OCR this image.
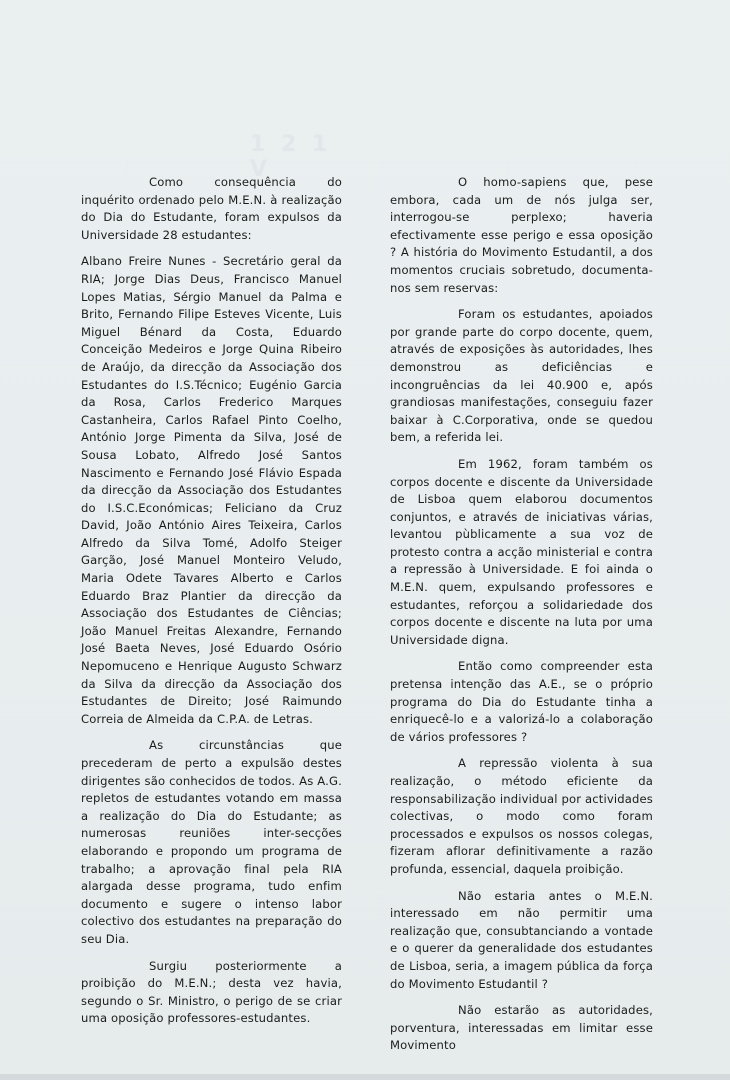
1 2 1 V

Como consequência do inquérito ordenado pelo M.E.N. à realização do Dia do Estudante, foram expulsos da Universidade 28 estudantes:

Albano Freire Nunes - Secretário geral da RIA; Jorge Dias Deus, Francisco Manuel Lopes Matias, Sérgio Manuel da Palma e Brito, Fernando Filipe Esteves Vicente, Luis Miguel Bénard da Costa, Eduardo Conceição Medeiros e Jorge Quina Ribeiro de Araújo, da direcção da Associação dos Estudantes do I.S.Técnico; Eugénio Garcia da Rosa, Carlos Frederico Marques Castanheira, Carlos Rafael Pinto Coelho, António Jorge Pimenta da Silva, José de Sousa Lobato, Alfredo José Santos Nascimento e Fernando José Flávio Espada da direcção da Associação dos Estudantes do I.S.C.Económicas; Feliciano da Cruz David, João António Aires Teixeira, Carlos Alfredo da Silva Tomé, Adolfo Steiger Garção, José Manuel Monteiro Veludo, Maria Odete Tavares Alberto e Carlos Eduardo Braz Plantier da direcção da Associação dos Estudantes de Ciências; João Manuel Freitas Alexandre, Fernando José Baeta Neves, José Eduardo Osório Nepomuceno e Henrique Augusto Schwarz da Silva da direcção da Associação dos Estudantes de Direito; José Raimundo Correia de Almeida da C.P.A. de Letras.

As circunstâncias que precederam de perto a expulsão destes dirigentes são conhecidos de todos. As A.G. repletos de estudantes votando em massa a realização do Dia do Estudante; as numerosas reuniões inter-secções elaborando e propondo um programa de trabalho; a aprovação final pela RIA alargada desse programa, tudo enfim documento e sugere o intenso labor colectivo dos estudantes na preparação do seu Dia.

Surgiu posteriormente a proibição do M.E.N.; desta vez havia, segundo o Sr. Ministro, o perigo de se criar uma oposição professores-estudantes.

O homo-sapiens que, pese embora, cada um de nós julga ser, interrogou-se perplexo; haveria efectivamente esse perigo e essa oposição ? A história do Movimento Estudantil, a dos momentos cruciais sobretudo, documenta-nos sem reservas:

Foram os estudantes, apoiados por grande parte do corpo docente, quem, através de exposições às autoridades, lhes demonstrou as deficiências e incongruências da lei 40.900 e, após grandiosas manifestações, conseguiu fazer baixar à C.Corporativa, onde se quedou bem, a referida lei.

Em 1962, foram também os corpos docente e discente da Universidade de Lisboa quem elaborou documentos conjuntos, e através de iniciativas várias, levantou pùblicamente a sua voz de protesto contra a acção ministerial e contra a repressão à Universidade. E foi ainda o M.E.N. quem, expulsando professores e estudantes, reforçou a solidariedade dos corpos docente e discente na luta por uma Universidade digna.

Então como compreender esta pretensa intenção das A.E., se o próprio programa do Dia do Estudante tinha a enriquecê-lo e a valorizá-lo a colaboração de vários professores ?

A repressão violenta à sua realização, o método eficiente da responsabilização individual por actividades colectivas, o modo como foram processados e expulsos os nossos colegas, fizeram aflorar definitivamente a razão profunda, essencial, daquela proibição.

Não estaria antes o M.E.N. interessado em não permitir uma realização que, consubtanciando a vontade e o querer da generalidade dos estudantes de Lisboa, seria, a imagem pública da força do Movimento Estudantil ?

Não estarão as autoridades, porventura, interessadas em limitar esse Movimento
